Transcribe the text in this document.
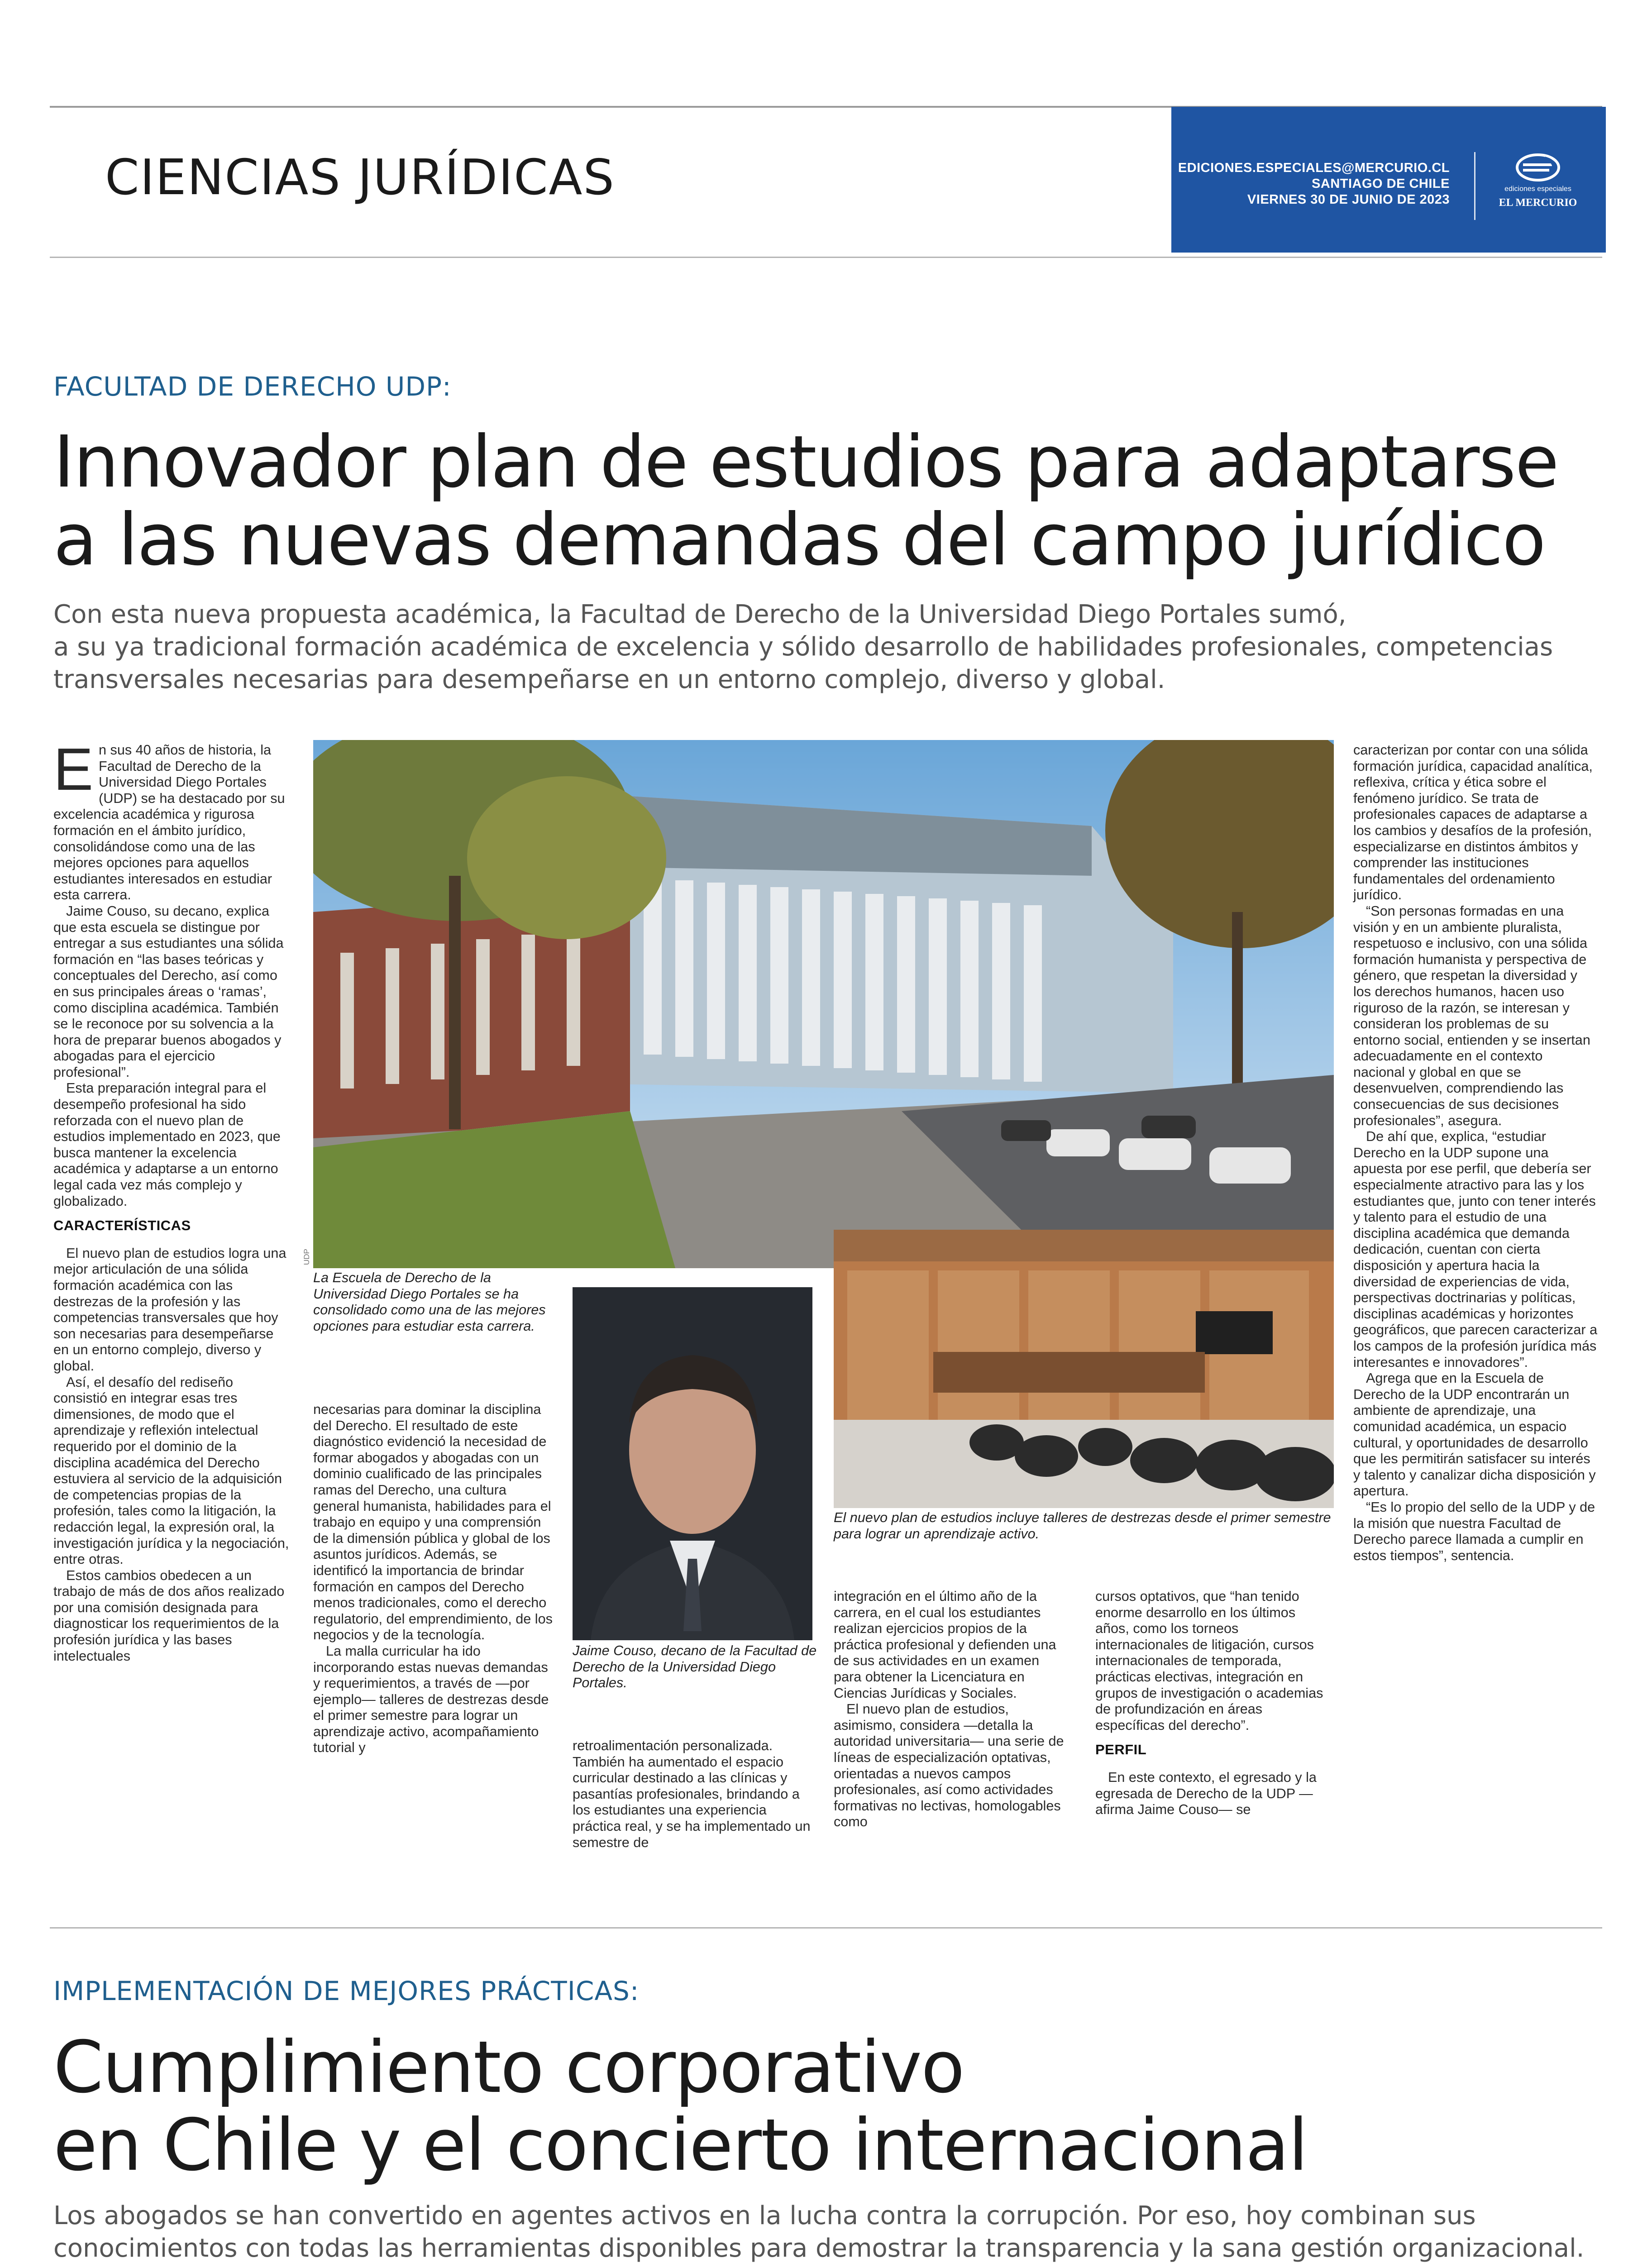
CIENCIAS JURÍDICAS	EDICIONES.ESPECIALES@MERCURIO.CL
SANTIAGO DE CHILE
VIERNES 30 DE JUNIO DE 2023
ediciones especiales
EL MERCURIO
FACULTAD DE DERECHO UDP:
Innovador plan de estudios para adaptarse
a las nuevas demandas del campo jurídico
Con esta nueva propuesta académica, la Facultad de Derecho de la Universidad Diego Portales sumó,
a su ya tradicional formación académica de excelencia y sólido desarrollo de habilidades profesionales, competencias
transversales necesarias para desempeñarse en un entorno complejo, diverso y global.

En sus 40 años de historia, la Facultad de Derecho de la Universidad Diego Portales (UDP) se ha destacado por su excelencia académica y rigurosa formación en el ámbito jurídico, consolidándose como una de las mejores opciones para aquellos estudiantes interesados en estudiar esta carrera.

Jaime Couso, su decano, explica que esta escuela se distingue por entregar a sus estudiantes una sólida formación en “las bases teóricas y conceptuales del Derecho, así como en sus principales áreas o ‘ramas’, como disciplina académica. También se le reconoce por su solvencia a la hora de preparar buenos abogados y abogadas para el ejercicio profesional”.

Esta preparación integral para el desempeño profesional ha sido reforzada con el nuevo plan de estudios implementado en 2023, que busca mantener la excelencia académica y adaptarse a un entorno legal cada vez más complejo y globalizado.

CARACTERÍSTICAS

El nuevo plan de estudios logra una mejor articulación de una sólida formación académica con las destrezas de la profesión y las competencias transversales que hoy son necesarias para desempeñarse en un entorno complejo, diverso y global.

Así, el desafío del rediseño consistió en integrar esas tres dimensiones, de modo que el aprendizaje y reflexión intelectual requerido por el dominio de la disciplina académica del Derecho estuviera al servicio de la adquisición de competencias propias de la profesión, tales como la litigación, la redacción legal, la expresión oral, la investigación jurídica y la negociación, entre otras.

Estos cambios obedecen a un trabajo de más de dos años realizado por una comisión designada para diagnosticar los requerimientos de la profesión jurídica y las bases intelectuales

UDP
La Escuela de Derecho de la Universidad Diego Portales se ha consolidado como una de las mejores opciones para estudiar esta carrera.
Jaime Couso, decano de la Facultad de Derecho de la Universidad Diego Portales.
El nuevo plan de estudios incluye talleres de destrezas desde el primer semestre para lograr un aprendizaje activo.

necesarias para dominar la disciplina del Derecho. El resultado de este diagnóstico evidenció la necesidad de formar abogados y abogadas con un dominio cualificado de las principales ramas del Derecho, una cultura general humanista, habilidades para el trabajo en equipo y una comprensión de la dimensión pública y global de los asuntos jurídicos. Además, se identificó la importancia de brindar formación en campos del Derecho menos tradicionales, como el derecho regulatorio, del emprendimiento, de los negocios y de la tecnología.

La malla curricular ha ido incorporando estas nuevas demandas y requerimientos, a través de —por ejemplo— talleres de destrezas desde el primer semestre para lograr un aprendizaje activo, acompañamiento tutorial y	retroalimentación personalizada. También ha aumentado el espacio curricular destinado a las clínicas y pasantías profesionales, brindando a los estudiantes una experiencia práctica real, y se ha implementado un semestre de

integración en el último año de la carrera, en el cual los estudiantes realizan ejercicios propios de la práctica profesional y defienden una de sus actividades en un examen para obtener la Licenciatura en Ciencias Jurídicas y Sociales.

El nuevo plan de estudios, asimismo, considera —detalla la autoridad universitaria— una serie de líneas de especialización optativas, orientadas a nuevos campos profesionales, así como actividades formativas no lectivas, homologables como

cursos optativos, que “han tenido enorme desarrollo en los últimos años, como los torneos internacionales de litigación, cursos internacionales de temporada, prácticas electivas, integración en grupos de investigación o academias de profundización en áreas específicas del derecho”.

PERFIL

En este contexto, el egresado y la egresada de Derecho de la UDP —afirma Jaime Couso— se

caracterizan por contar con una sólida formación jurídica, capacidad analítica, reflexiva, crítica y ética sobre el fenómeno jurídico. Se trata de profesionales capaces de adaptarse a los cambios y desafíos de la profesión, especializarse en distintos ámbitos y comprender las instituciones fundamentales del ordenamiento jurídico.

“Son personas formadas en una visión y en un ambiente pluralista, respetuoso e inclusivo, con una sólida formación humanista y perspectiva de género, que respetan la diversidad y los derechos humanos, hacen uso riguroso de la razón, se interesan y consideran los problemas de su entorno social, entienden y se insertan adecuadamente en el contexto nacional y global en que se desenvuelven, comprendiendo las consecuencias de sus decisiones profesionales”, asegura.

De ahí que, explica, “estudiar Derecho en la UDP supone una apuesta por ese perfil, que debería ser especialmente atractivo para las y los estudiantes que, junto con tener interés y talento para el estudio de una disciplina académica que demanda dedicación, cuentan con cierta disposición y apertura hacia la diversidad de experiencias de vida, perspectivas doctrinarias y políticas, disciplinas académicas y horizontes geográficos, que parecen caracterizar a los campos de la profesión jurídica más interesantes e innovadores”.

Agrega que en la Escuela de Derecho de la UDP encontrarán un ambiente de aprendizaje, una comunidad académica, un espacio cultural, y oportunidades de desarrollo que les permitirán satisfacer su interés y talento y canalizar dicha disposición y apertura.

“Es lo propio del sello de la UDP y de la misión que nuestra Facultad de Derecho parece llamada a cumplir en estos tiempos”, sentencia.

IMPLEMENTACIÓN DE MEJORES PRÁCTICAS:
Cumplimiento corporativo
en Chile y el concierto internacional
Los abogados se han convertido en agentes activos en la lucha contra la corrupción. Por eso, hoy combinan sus
conocimientos con todas las herramientas disponibles para demostrar la transparencia y la sana gestión organizacional.
